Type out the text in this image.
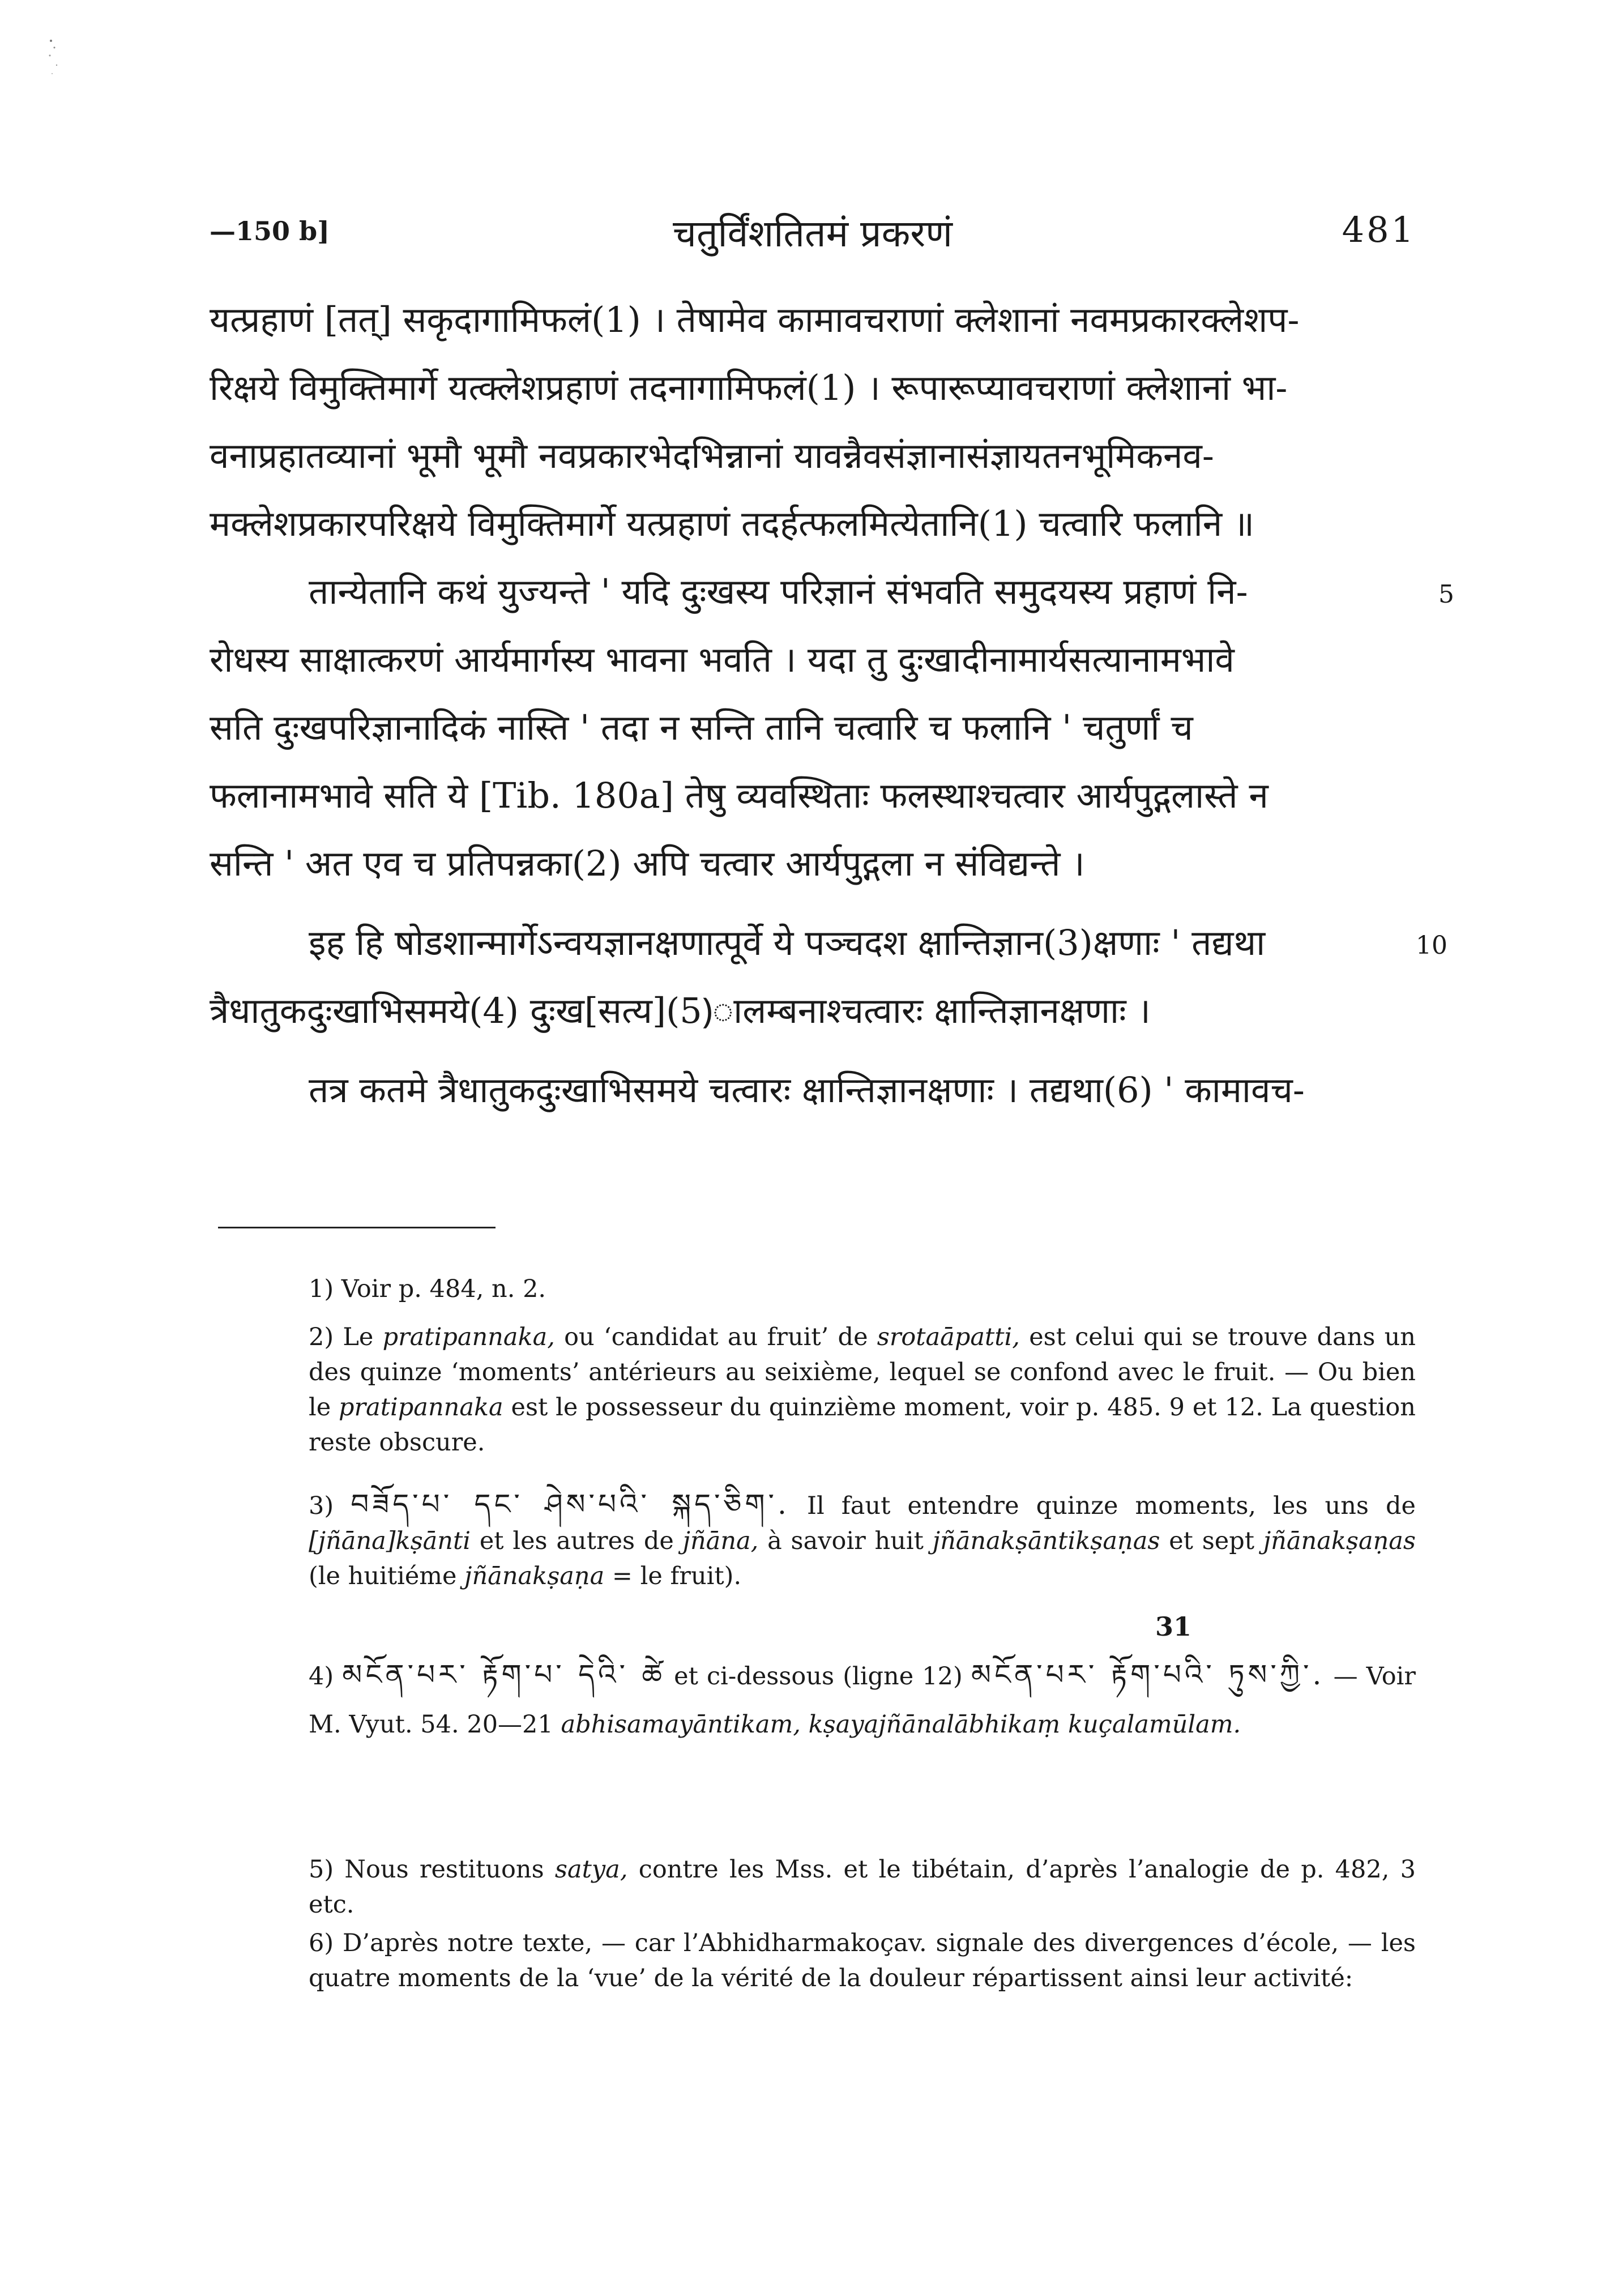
—150 b]	चतुर्विंशतितमं प्रकरणं	481
यत्प्रहाणं [तत्] सकृदागामिफलं(1) । तेषामेव कामावचराणां क्लेशानां नवमप्रकारक्लेशप-
रिक्षये विमुक्तिमार्गे यत्क्लेशप्रहाणं तदनागामिफलं(1) । रूपारूप्यावचराणां क्लेशानां भा-
वनाप्रहातव्यानां भूमौ भूमौ नवप्रकारभेदभिन्नानां यावन्नैवसंज्ञानासंज्ञायतनभूमिकनव-
मक्लेशप्रकारपरिक्षये विमुक्तिमार्गे यत्प्रहाणं तदर्हत्फलमित्येतानि(1) चत्वारि फलानि ॥
तान्येतानि कथं युज्यन्ते ' यदि दुःखस्य परिज्ञानं संभवति समुदयस्य प्रहाणं नि-	5
रोधस्य साक्षात्करणं आर्यमार्गस्य भावना भवति । यदा तु दुःखादीनामार्यसत्यानामभावे
सति दुःखपरिज्ञानादिकं नास्ति ' तदा न सन्ति तानि चत्वारि च फलानि ' चतुर्णां च
फलानामभावे सति ये [Tib. 180a] तेषु व्यवस्थिताः फलस्थाश्चत्वार आर्यपुद्गलास्ते न
सन्ति ' अत एव च प्रतिपन्नका(2) अपि चत्वार आर्यपुद्गला न संविद्यन्ते ।
इह हि षोडशान्मार्गेऽन्वयज्ञानक्षणात्पूर्वे ये पञ्चदश क्षान्तिज्ञान(3)क्षणाः ' तद्यथा	10
त्रैधातुकदुःखाभिसमये(4) दुःख[सत्य](5)ालम्बनाश्चत्वारः क्षान्तिज्ञानक्षणाः ।
तत्र कतमे त्रैधातुकदुःखाभिसमये चत्वारः क्षान्तिज्ञानक्षणाः । तद्यथा(6) ' कामावच-
1) Voir p. 484, n. 2.
2) Le pratipannaka, ou ‘candidat au fruit’ de srotaāpatti, est celui qui se trouve dans un des quinze ‘moments’ antérieurs au seixième, lequel se confond avec le fruit. — Ou bien le pratipannaka est le possesseur du quinzième moment, voir p. 485. 9 et 12. La question reste obscure.
3) བཟོད་པ་ དང་ ཤེས་པའི་ སྐད་ཅིག་. Il faut entendre quinze moments, les uns de [jñāna]kṣānti et les autres de jñāna, à savoir huit jñānakṣāntikṣaṇas et sept jñānakṣaṇas (le huitiéme jñānakṣaṇa = le fruit).
4) མངོན་པར་ རྟོག་པ་ དེའི་ ཚེ et ci-dessous (ligne 12) མངོན་པར་ རྟོག་པའི་ ཏུས་ཀྱི་. — Voir M. Vyut. 54. 20—21 abhisamayāntikam, kṣayajñānalābhikaṃ kuçalamūlam.
5) Nous restituons satya, contre les Mss. et le tibétain, d’après l’analogie de p. 482, 3 etc.
6) D’après notre texte, — car l’Abhidharmakoçav. signale des divergences d’école, — les quatre moments de la ‘vue’ de la vérité de la douleur répartissent ainsi leur activité:
31
